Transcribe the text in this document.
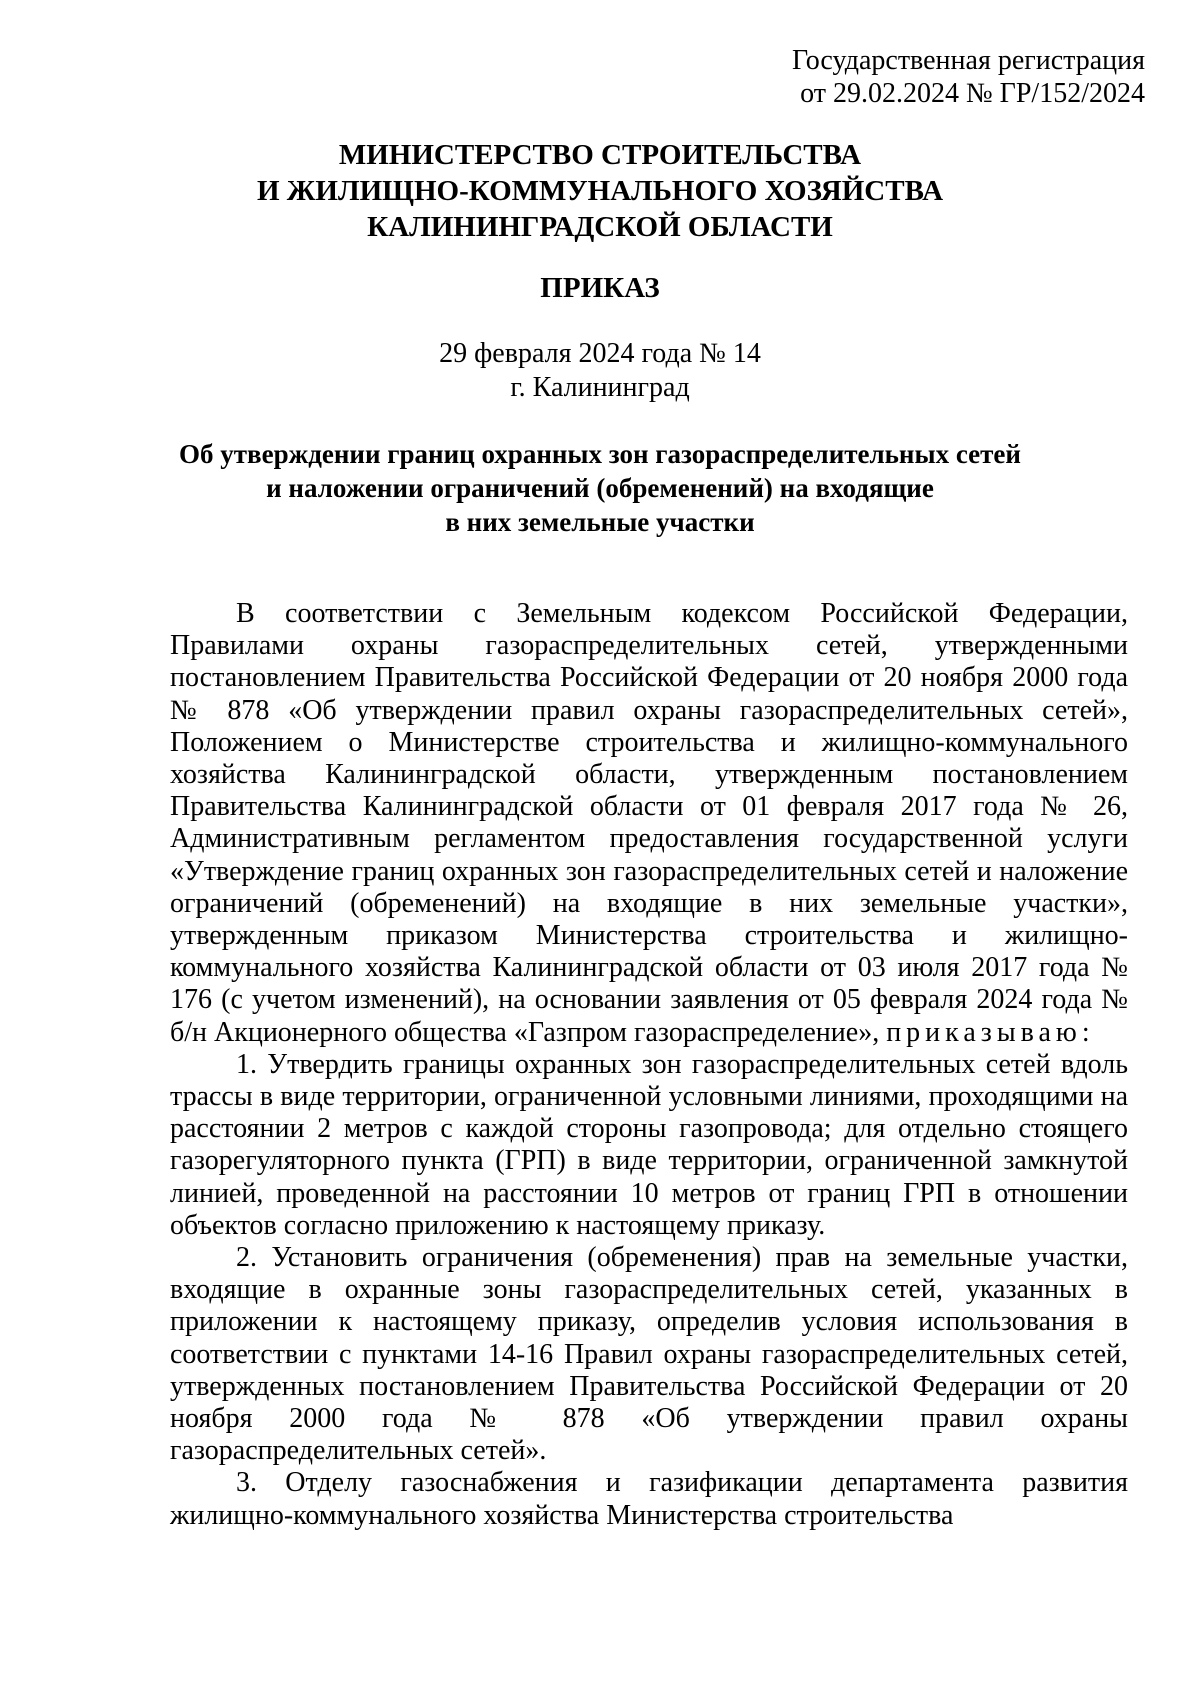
Государственная регистрация
от 29.02.2024 № ГР/152/2024
МИНИСТЕРСТВО СТРОИТЕЛЬСТВА
И ЖИЛИЩНО-КОММУНАЛЬНОГО ХОЗЯЙСТВА
КАЛИНИНГРАДСКОЙ ОБЛАСТИ
ПРИКАЗ
29 февраля 2024 года № 14
г. Калининград
Об утверждении границ охранных зон газораспределительных сетей
и наложении ограничений (обременений) на входящие
в них земельные участки

В соответствии с Земельным кодексом Российской Федерации, Правилами охраны газораспределительных сетей, утвержденными постановлением Правительства Российской Федерации от 20 ноября 2000 года № 878 «Об утверждении правил охраны газораспределительных сетей», Положением о Министерстве строительства и жилищно-коммунального хозяйства Калининградской области, утвержденным постановлением Правительства Калининградской области от 01 февраля 2017 года № 26, Административным регламентом предоставления государственной услуги «Утверждение границ охранных зон газораспределительных сетей и наложение ограничений (обременений) на входящие в них земельные участки», утвержденным приказом Министерства строительства и жилищно-коммунального хозяйства Калининградской области от 03 июля 2017 года № 176 (с учетом изменений), на основании заявления от 05 февраля 2024 года № б/н Акционерного общества «Газпром газораспределение», приказываю:

1. Утвердить границы охранных зон газораспределительных сетей вдоль трассы в виде территории, ограниченной условными линиями, проходящими на расстоянии 2 метров с каждой стороны газопровода; для отдельно стоящего газорегуляторного пункта (ГРП) в виде территории, ограниченной замкнутой линией, проведенной на расстоянии 10 метров от границ ГРП в отношении объектов согласно приложению к настоящему приказу.

2. Установить ограничения (обременения) прав на земельные участки, входящие в охранные зоны газораспределительных сетей, указанных в приложении к настоящему приказу, определив условия использования в соответствии с пунктами 14-16 Правил охраны газораспределительных сетей, утвержденных постановлением Правительства Российской Федерации от 20 ноября 2000 года № 878 «Об утверждении правил охраны газораспределительных сетей».

3. Отделу газоснабжения и газификации департамента развития жилищно-коммунального хозяйства Министерства строительства
